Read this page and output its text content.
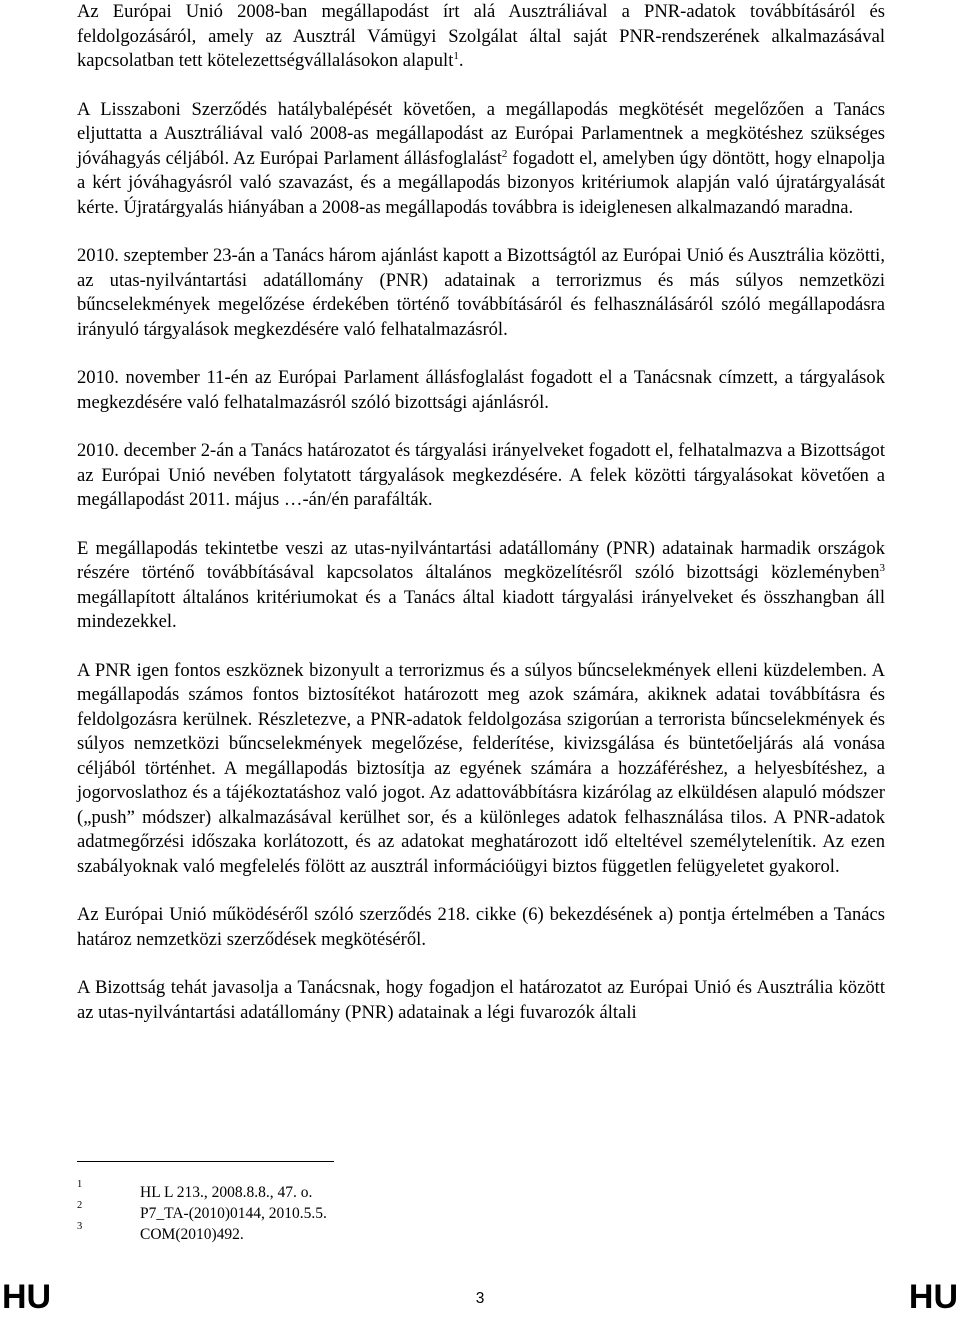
Az Európai Unió 2008-ban megállapodást írt alá Ausztráliával a PNR-adatok továbbításáról és feldolgozásáról, amely az Ausztrál Vámügyi Szolgálat által saját PNR-rendszerének alkalmazásával kapcsolatban tett kötelezettségvállalásokon alapult$^1$.

A Lisszaboni Szerződés hatálybalépését követően, a megállapodás megkötését megelőzően a Tanács eljuttatta a Ausztráliával való 2008-as megállapodást az Európai Parlamentnek a megkötéshez szükséges jóváhagyás céljából. Az Európai Parlament állásfoglalást$^2$ fogadott el, amelyben úgy döntött, hogy elnapolja a kért jóváhagyásról való szavazást, és a megállapodás bizonyos kritériumok alapján való újratárgyalását kérte. Újratárgyalás hiányában a 2008-as megállapodás továbbra is ideiglenesen alkalmazandó maradna.

2010. szeptember 23-án a Tanács három ajánlást kapott a Bizottságtól az Európai Unió és Ausztrália közötti, az utas-nyilvántartási adatállomány (PNR) adatainak a terrorizmus és más súlyos nemzetközi bűncselekmények megelőzése érdekében történő továbbításáról és felhasználásáról szóló megállapodásra irányuló tárgyalások megkezdésére való felhatalmazásról.

2010. november 11-én az Európai Parlament állásfoglalást fogadott el a Tanácsnak címzett, a tárgyalások megkezdésére való felhatalmazásról szóló bizottsági ajánlásról.

2010. december 2-án a Tanács határozatot és tárgyalási irányelveket fogadott el, felhatalmazva a Bizottságot az Európai Unió nevében folytatott tárgyalások megkezdésére. A felek közötti tárgyalásokat követően a megállapodást 2011. május …-án/én parafálták.

E megállapodás tekintetbe veszi az utas-nyilvántartási adatállomány (PNR) adatainak harmadik országok részére történő továbbításával kapcsolatos általános megközelítésről szóló bizottsági közleményben$^3$ megállapított általános kritériumokat és a Tanács által kiadott tárgyalási irányelveket és összhangban áll mindezekkel.

A PNR igen fontos eszköznek bizonyult a terrorizmus és a súlyos bűncselekmények elleni küzdelemben. A megállapodás számos fontos biztosítékot határozott meg azok számára, akiknek adatai továbbításra és feldolgozásra kerülnek. Részletezve, a PNR-adatok feldolgozása szigorúan a terrorista bűncselekmények és súlyos nemzetközi bűncselekmények megelőzése, felderítése, kivizsgálása és büntetőeljárás alá vonása céljából történhet. A megállapodás biztosítja az egyének számára a hozzáféréshez, a helyesbítéshez, a jogorvoslathoz és a tájékoztatáshoz való jogot. Az adattovábbításra kizárólag az elküldésen alapuló módszer („push” módszer) alkalmazásával kerülhet sor, és a különleges adatok felhasználása tilos. A PNR-adatok adatmegőrzési időszaka korlátozott, és az adatokat meghatározott idő elteltével személytelenítik. Az ezen szabályoknak való megfelelés fölött az ausztrál információügyi biztos független felügyeletet gyakorol.

Az Európai Unió működéséről szóló szerződés 218. cikke (6) bekezdésének a) pontja értelmében a Tanács határoz nemzetközi szerződések megkötéséről.

A Bizottság tehát javasolja a Tanácsnak, hogy fogadjon el határozatot az Európai Unió és Ausztrália között az utas-nyilvántartási adatállomány (PNR) adatainak a légi fuvarozók általi

1	HL L 213., 2008.8.8., 47. o.
2	P7_TA-(2010)0144, 2010.5.5.
3	COM(2010)492.
HU	3	HU
